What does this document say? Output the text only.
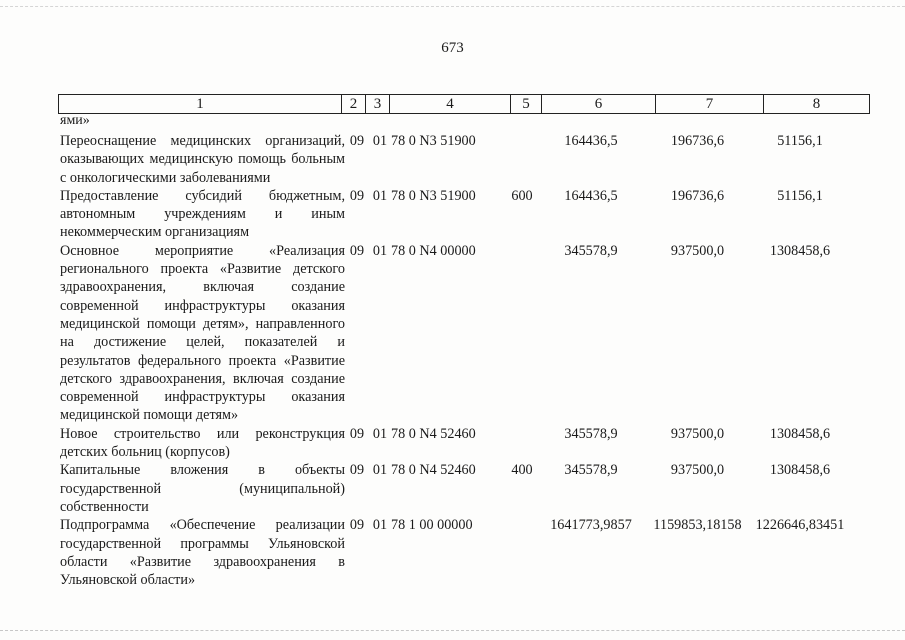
673
1	2	3	4	5	6	7	8
ями»
Переоснащение медицинских организаций, оказывающих медицинскую помощь больным с онкологическими заболеваниями	09	01	78 0 N3 51900		164436,5	196736,6	51156,1
Предоставление субсидий бюджетным, автономным учреждениям и иным некоммерческим организациям	09	01	78 0 N3 51900	600	164436,5	196736,6	51156,1
Основное мероприятие «Реализация регионального проекта «Развитие детского здравоохранения, включая создание современной инфраструктуры оказания медицинской помощи детям», направленного на достижение целей, показателей и результатов федерального проекта «Развитие детского здравоохранения, включая создание современной инфраструктуры оказания медицинской помощи детям»	09	01	78 0 N4 00000		345578,9	937500,0	1308458,6
Новое строительство или реконструкция детских больниц (корпусов)	09	01	78 0 N4 52460		345578,9	937500,0	1308458,6
Капитальные вложения в объекты государственной (муниципальной) собственности	09	01	78 0 N4 52460	400	345578,9	937500,0	1308458,6
Подпрограмма «Обеспечение реализации государственной программы Ульяновской области «Развитие здравоохранения в Ульяновской области»	09	01	78 1 00 00000		1641773,9857	1159853,18158	1226646,83451
